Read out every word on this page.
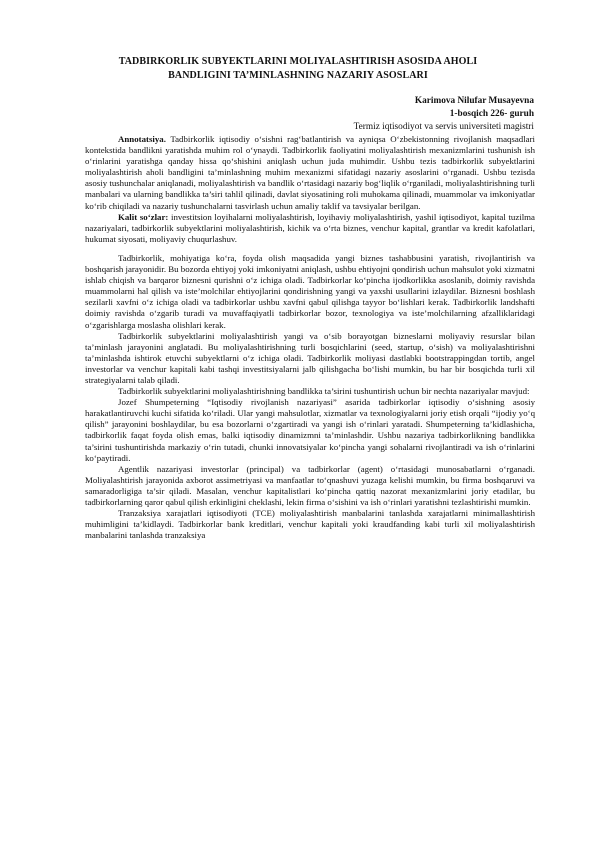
TADBIRKORLIK SUBYEKTLARINI MOLIYALASHTIRISH ASOSIDA AHOLI
BANDLIGINI TA’MINLASHNING NAZARIY ASOSLARI
Karimova Nilufar Musayevna
1-bosqich 226- guruh
Termiz iqtisodiyot va servis universiteti magistri

Annotatsiya. Tadbirkorlik iqtisodiy o‘sishni rag‘batlantirish va ayniqsa O‘zbekistonning rivojlanish maqsadlari kontekstida bandlikni yaratishda muhim rol o‘ynaydi. Tadbirkorlik faoliyatini moliyalashtirish mexanizmlarini tushunish ish o‘rinlarini yaratishga qanday hissa qo‘shishini aniqlash uchun juda muhimdir. Ushbu tezis tadbirkorlik subyektlarini moliyalashtirish aholi bandligini ta’minlashning muhim mexanizmi sifatidagi nazariy asoslarini o‘rganadi. Ushbu tezisda asosiy tushunchalar aniqlanadi, moliyalashtirish va bandlik o‘rtasidagi nazariy bog‘liqlik o‘rganiladi, moliyalashtirishning turli manbalari va ularning bandlikka ta’siri tahlil qilinadi, davlat siyosatining roli muhokama qilinadi, muammolar va imkoniyatlar ko‘rib chiqiladi va nazariy tushunchalarni tasvirlash uchun amaliy taklif va tavsiyalar berilgan.

Kalit so‘zlar: investitsion loyihalarni moliyalashtirish, loyihaviy moliyalashtirish, yashil iqtisodiyot, kapital tuzilma nazariyalari, tadbirkorlik subyektlarini moliyalashtirish, kichik va o‘rta biznes, venchur kapital, grantlar va kredit kafolatlari, hukumat siyosati, moliyaviy chuqurlashuv.

Tadbirkorlik, mohiyatiga ko‘ra, foyda olish maqsadida yangi biznes tashabbusini yaratish, rivojlantirish va boshqarish jarayonidir. Bu bozorda ehtiyoj yoki imkoniyatni aniqlash, ushbu ehtiyojni qondirish uchun mahsulot yoki xizmatni ishlab chiqish va barqaror biznesni qurishni o‘z ichiga oladi. Tadbirkorlar ko‘pincha ijodkorlikka asoslanib, doimiy ravishda muammolarni hal qilish va iste’molchilar ehtiyojlarini qondirishning yangi va yaxshi usullarini izlaydilar. Biznesni boshlash sezilarli xavfni o‘z ichiga oladi va tadbirkorlar ushbu xavfni qabul qilishga tayyor bo‘lishlari kerak. Tadbirkorlik landshafti doimiy ravishda o‘zgarib turadi va muvaffaqiyatli tadbirkorlar bozor, texnologiya va iste’molchilarning afzalliklaridagi o‘zgarishlarga moslasha olishlari kerak.

Tadbirkorlik subyektlarini moliyalashtirish yangi va o‘sib borayotgan bizneslarni moliyaviy resurslar bilan ta’minlash jarayonini anglatadi. Bu moliyalashtirishning turli bosqichlarini (seed, startup, o‘sish) va moliyalashtirishni ta’minlashda ishtirok etuvchi subyektlarni o‘z ichiga oladi. Tadbirkorlik moliyasi dastlabki bootstrappingdan tortib, angel investorlar va venchur kapitali kabi tashqi investitsiyalarni jalb qilishgacha bo‘lishi mumkin, bu har bir bosqichda turli xil strategiyalarni talab qiladi.

Tadbirkorlik subyektlarini moliyalashtirishning bandlikka ta’sirini tushuntirish uchun bir nechta nazariyalar mavjud:

Jozef Shumpeterning “Iqtisodiy rivojlanish nazariyasi” asarida tadbirkorlar iqtisodiy o‘sishning asosiy harakatlantiruvchi kuchi sifatida ko‘riladi. Ular yangi mahsulotlar, xizmatlar va texnologiyalarni joriy etish orqali “ijodiy yo‘q qilish” jarayonini boshlaydilar, bu esa bozorlarni o‘zgartiradi va yangi ish o‘rinlari yaratadi. Shumpeterning ta’kidlashicha, tadbirkorlik faqat foyda olish emas, balki iqtisodiy dinamizmni ta’minlashdir. Ushbu nazariya tadbirkorlikning bandlikka ta’sirini tushuntirishda markaziy o‘rin tutadi, chunki innovatsiyalar ko‘pincha yangi sohalarni rivojlantiradi va ish o‘rinlarini ko‘paytiradi.

Agentlik nazariyasi investorlar (principal) va tadbirkorlar (agent) o‘rtasidagi munosabatlarni o‘rganadi. Moliyalashtirish jarayonida axborot assimetriyasi va manfaatlar to‘qnashuvi yuzaga kelishi mumkin, bu firma boshqaruvi va samaradorligiga ta’sir qiladi. Masalan, venchur kapitalistlari ko‘pincha qattiq nazorat mexanizmlarini joriy etadilar, bu tadbirkorlarning qaror qabul qilish erkinligini cheklashi, lekin firma o‘sishini va ish o‘rinlari yaratishni tezlashtirishi mumkin.

Tranzaksiya xarajatlari iqtisodiyoti (TCE) moliyalashtirish manbalarini tanlashda xarajatlarni minimallashtirish muhimligini ta’kidlaydi. Tadbirkorlar bank kreditlari, venchur kapitali yoki kraudfanding kabi turli xil moliyalashtirish manbalarini tanlashda tranzaksiya
